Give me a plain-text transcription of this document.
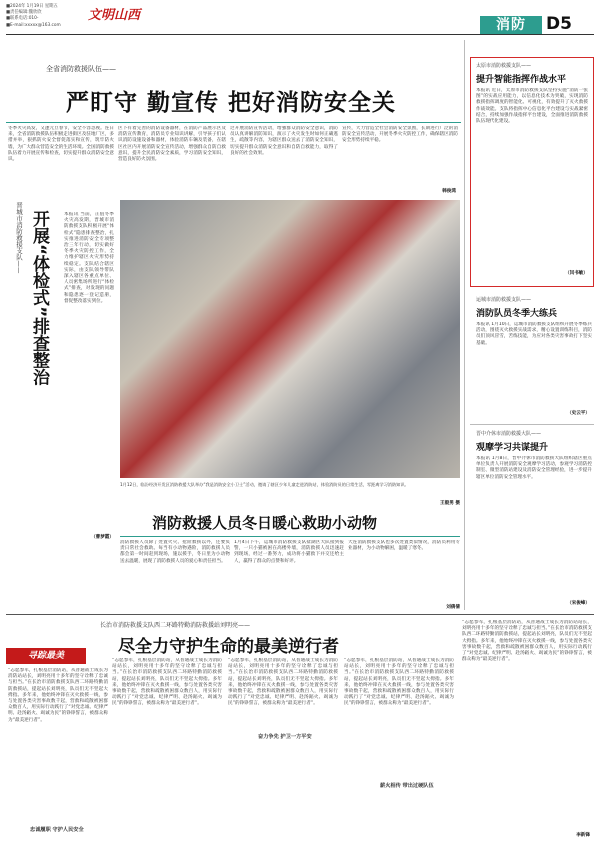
■2024年 1月19日 星期五
■责任编辑:魏欣欣
■联系电话:010-
■E-mail:xxxxx@163.com
文明山西
消防	D5
全省消防救援队伍——
严盯守 勤宣传 把好消防安全关
冬季火灾高发，又逢元旦春节，安全不容忽视。连日来，全省消防救援队伍积极走进街区及驻地厂区，多措并举，狠抓防火安全督促落实和宣传，筑牢防火墙，为广大群众营造安全的生活环境。全国消防救援队伍着力开展宣传和检查，切实提升群众消防安全意识。
区下有着完善的消防设备器材，在消防产品展示区及消防宣传教育，消防员专业知识讲解，引导孩子们认识消防设施设备和器材，体验消防车辆及装备，在辖区社区内开展消防安全宣传活动，增强群众自防自救意识，提升全民消防安全素质，学习消防安全知识，营造良好防火氛围。
过开展消防宣传活动，增强群众消防安全意识，消防员认真讲解消防知识，演示了火灾发生时如何正确逃生，疏散等内容，为辖区群众送去了消防安全知识，切实提升群众消防安全意识和自防自救能力，取得了良好的社会效果。
宣传，大力营造全社会消防安全氛围，长期进行广泛的消防安全宣传活动，开展冬季火灾防控工作，确保辖区消防安全形势持续平稳。
韩俊鸿
晋城市消防救援支队—— 开展“体检式”排查整治	本报讯 当前，正值冬季火灾高发期，晋城市消防救援支队积极开展“体检式”隐患排查整治，扎实推进消防安全专项整治三年行动，切实做好冬季火灾防控工作，全力维护辖区火灾形势持续稳定。支队结合辖区实际，由支队领导带队深入辖区各重点单位、人员密集场所进行“体检式”排查，对发现的问题和隐患逐一登记造册，督促整改落实到位。
（曹梦霞）
1月12日，临汾经济开发区消防救援大队举办“我是消防安全小卫士”活动，邀请了辖区少年儿童走进消防站，体验消防员的日常生活，零距离学习消防知识。
王毅男 摄
消防救援人员冬日暖心救助小动物
消防救援人员除了处置火灾、抢险救援以外，还要负责日常社会救助。每当有小动物遇险，消防救援人员都会第一时间赶到现场，施以援手，冬日里为小动物送去温暖，展现了消防救援人员的爱心和责任担当。
1月4日下午，运城市消防救援支队盐湖区大队接到报警，一只小猫被困在高楼外墙，消防救援人员迅速赶到现场，经过一番努力，成功将小猫救下并交还给主人，赢得了群众的点赞和好评。
大连消防救援支队也多次处置类似情况，消防员利用专业器材，为小动物解困，温暖了寒冬。
刘倩倩
太原市消防救援支队——
提升智能指挥作战水平
本报讯 近日，太原市消防救援支队坚持实施“消防一张图”的实战应用能力，以信息化技术为突破，实现消防救援指挥调度的智能化、可视化，有效提升了灭火救援作战效能。支队将指挥中心信息化平台建设与实战紧密结合，持续加强作战指挥平台建设，全面推进消防救援队伍现代化建设。
（闫书敏）
运城市消防救援支队——
消防队员冬季大练兵
本报讯 1月10日，运城市消防救援支队组织开展冬季练兵活动，围绕灭火救援实战需求，精心设置训练科目，消防员们顶风冒雪，苦练技能，为应对各类灾害事故打下坚实基础。
（史云平）
晋中介休市消防救援大队——
观摩学习共谋提升
本报讯 1月8日，晋中介休市消防救援大队组织辖区重点单位负责人开展消防安全观摩学习活动，参观学习消防控制室、微型消防站建设及消防安全管理经验，进一步提升辖区单位消防安全管理水平。
（宋俊峰）
长治市消防救援支队西二环路特勤消防救援站刘明亮——
尽全力守护生命的最美逆行者
寻踪最美
“志愿参军，扎根基层消防站，从普通战士成长为消防站站长，刘明亮用十多年的坚守诠释了忠诚与担当。”在长治市消防救援支队西二环路特勤消防救援站，提起站长刘明亮，队员们无不竖起大拇指。多年来，他始终冲锋在灭火救援一线，参与处置各类灾害事故数千起，营救和疏散被困群众数百人，用实际行动践行了“对党忠诚、纪律严明、赴汤蹈火、竭诚为民”的铮铮誓言，被群众称为“最美逆行者”。
“志愿参军，扎根基层消防站，从普通战士成长为消防站站长，刘明亮用十多年的坚守诠释了忠诚与担当。”在长治市消防救援支队西二环路特勤消防救援站，提起站长刘明亮，队员们无不竖起大拇指。多年来，他始终冲锋在灭火救援一线，参与处置各类灾害事故数千起，营救和疏散被困群众数百人，用实际行动践行了“对党忠诚、纪律严明、赴汤蹈火、竭诚为民”的铮铮誓言，被群众称为“最美逆行者”。
“志愿参军，扎根基层消防站，从普通战士成长为消防站站长，刘明亮用十多年的坚守诠释了忠诚与担当。”在长治市消防救援支队西二环路特勤消防救援站，提起站长刘明亮，队员们无不竖起大拇指。多年来，他始终冲锋在灭火救援一线，参与处置各类灾害事故数千起，营救和疏散被困群众数百人，用实际行动践行了“对党忠诚、纪律严明、赴汤蹈火、竭诚为民”的铮铮誓言，被群众称为“最美逆行者”。
“志愿参军，扎根基层消防站，从普通战士成长为消防站站长，刘明亮用十多年的坚守诠释了忠诚与担当。”在长治市消防救援支队西二环路特勤消防救援站，提起站长刘明亮，队员们无不竖起大拇指。多年来，他始终冲锋在灭火救援一线，参与处置各类灾害事故数千起，营救和疏散被困群众数百人，用实际行动践行了“对党忠诚、纪律严明、赴汤蹈火、竭诚为民”的铮铮誓言，被群众称为“最美逆行者”。
忠诚履职 守护人民安全
奋力争先 护卫一方平安
薪火相传 带出过硬队伍
“志愿参军，扎根基层消防站，从普通战士成长为消防站站长，刘明亮用十多年的坚守诠释了忠诚与担当。”在长治市消防救援支队西二环路特勤消防救援站，提起站长刘明亮，队员们无不竖起大拇指。多年来，他始终冲锋在灭火救援一线，参与处置各类灾害事故数千起，营救和疏散被困群众数百人，用实际行动践行了“对党忠诚、纪律严明、赴汤蹈火、竭诚为民”的铮铮誓言，被群众称为“最美逆行者”。
李新锋
